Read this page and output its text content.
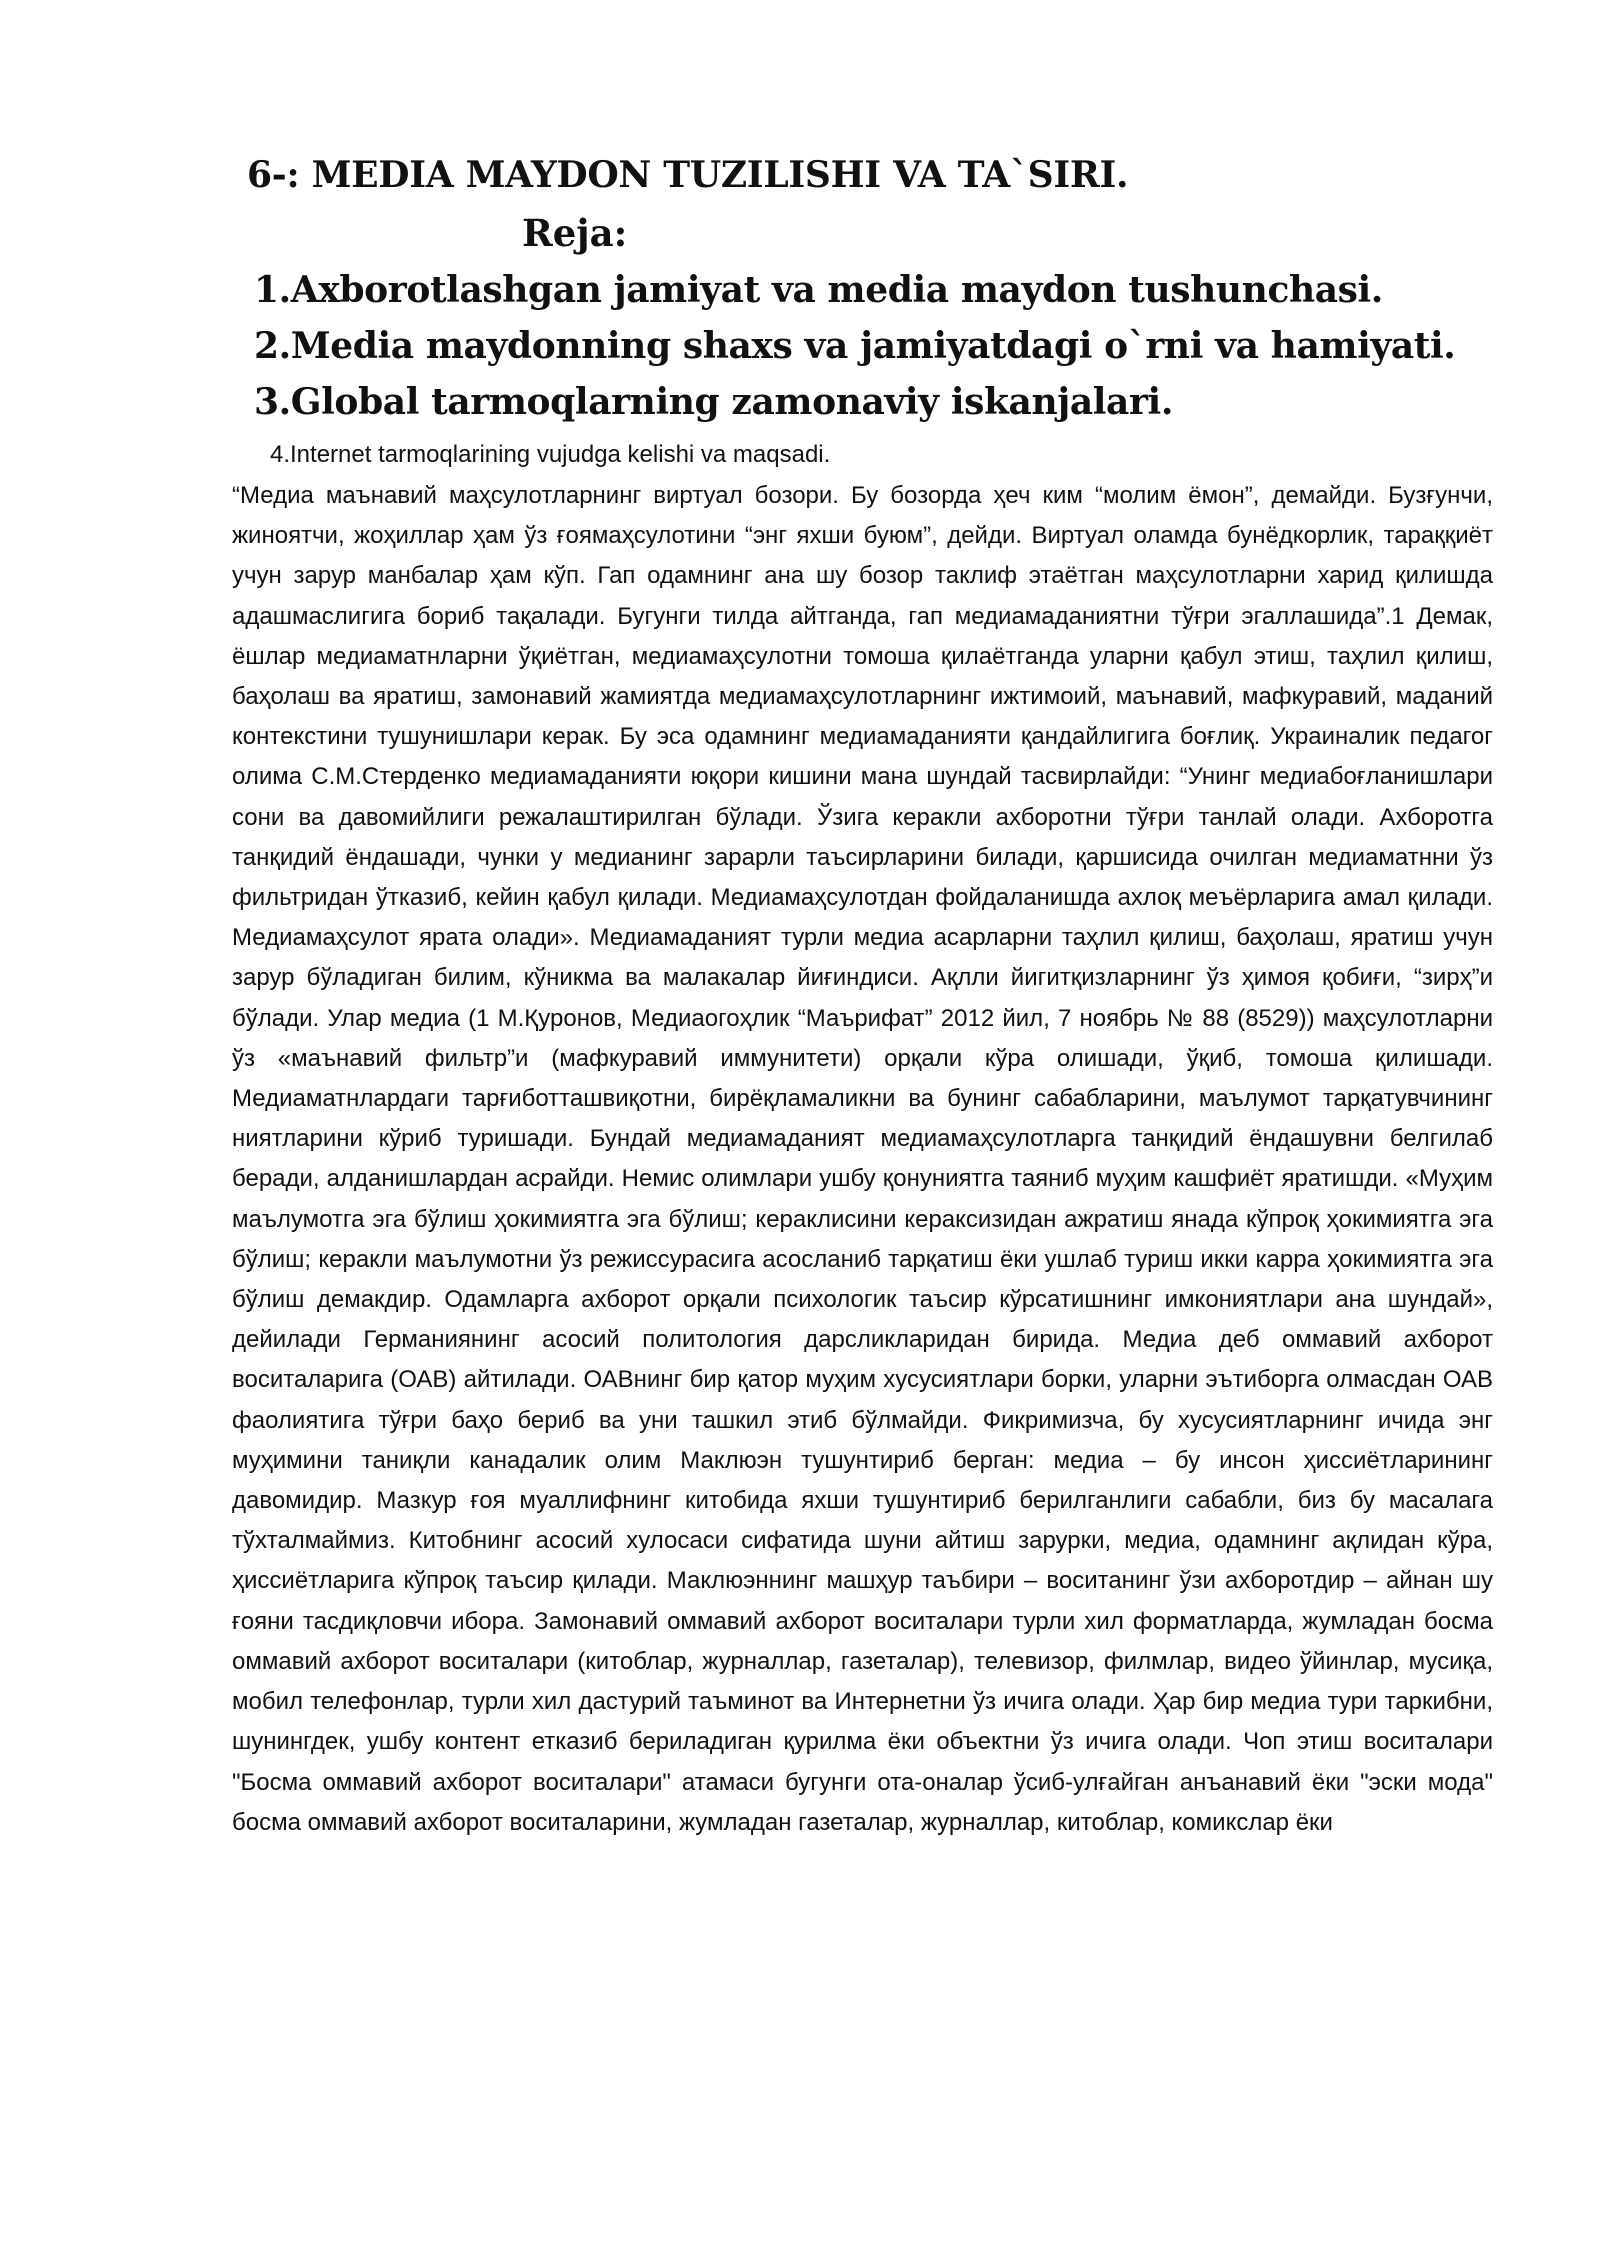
6-: MEDIA MAYDON TUZILISHI VA TA`SIRI.
Reja:
1.Axborotlashgan jamiyat va media maydon tushunchasi.
2.Media maydonning shaxs va jamiyatdagi o`rni va hamiyati.
3.Global tarmoqlarning zamonaviy iskanjalari.
4.Internet tarmoqlarining vujudga kelishi va maqsadi.

“Медиа маънавий маҳсулотларнинг виртуал бозори. Бу бозорда ҳеч ким “молим ёмон”, демайди. Бузғунчи, жиноятчи, жоҳиллар ҳам ўз ғоямаҳсулотини “энг яхши буюм”, дейди. Виртуал оламда бунёдкорлик, тараққиёт учун зарур манбалар ҳам кўп. Гап одамнинг ана шу бозор таклиф этаётган маҳсулотларни харид қилишда адашмаслигига бориб тақалади. Бугунги тилда айтганда, гап медиамаданиятни тўғри эгаллашида”.1 Демак, ёшлар медиаматнларни ўқиётган, медиамаҳсулотни томоша қилаётганда уларни қабул этиш, таҳлил қилиш, баҳолаш ва яратиш, замонавий жамиятда медиамаҳсулотларнинг ижтимоий, маънавий, мафкуравий, маданий контекстини тушунишлари керак. Бу эса одамнинг медиамаданияти қандайлигига боғлиқ. Украиналик педагог олима С.М.Стерденко медиамаданияти юқори кишини мана шундай тасвирлайди: “Унинг медиабоғланишлари сони ва давомийлиги режалаштирилган бўлади. Ўзига керакли ахборотни тўғри танлай олади. Ахборотга танқидий ёндашади, чунки у медианинг зарарли таъсирларини билади, қаршисида очилган медиаматнни ўз фильтридан ўтказиб, кейин қабул қилади. Медиамаҳсулотдан фойдаланишда ахлоқ меъёрларига амал қилади. Медиамаҳсулот ярата олади». Медиамаданият турли медиа асарларни таҳлил қилиш, баҳолаш, яратиш учун зарур бўладиган билим, кўникма ва малакалар йиғиндиси. Ақлли йигитқизларнинг ўз ҳимоя қобиғи, “зирҳ”и бўлади. Улар медиа (1 М.Қуронов, Медиаогоҳлик “Маърифат” 2012 йил, 7 ноябрь № 88 (8529)) маҳсулотларни ўз «маънавий фильтр”и (мафкуравий иммунитети) орқали кўра олишади, ўқиб, томоша қилишади. Медиаматнлардаги тарғиботташвиқотни, бирёқламаликни ва бунинг сабабларини, маълумот тарқатувчининг ниятларини кўриб туришади. Бундай медиамаданият медиамаҳсулотларга танқидий ёндашувни белгилаб беради, алданишлардан асрайди. Немис олимлари ушбу қонуниятга таяниб муҳим кашфиёт яратишди. «Муҳим маълумотга эга бўлиш ҳокимиятга эга бўлиш; кераклисини кераксизидан ажратиш янада кўпроқ ҳокимиятга эга бўлиш; керакли маълумотни ўз режиссурасига асосланиб тарқатиш ёки ушлаб туриш икки карра ҳокимиятга эга бўлиш демакдир. Одамларга ахборот орқали психологик таъсир кўрсатишнинг имкониятлари ана шундай», дейилади Германиянинг асосий политология дарсликларидан бирида. Медиа деб оммавий ахборот воситаларига (ОАВ) айтилади. ОАВнинг бир қатор муҳим хусусиятлари борки, уларни эътиборга олмасдан ОАВ фаолиятига тўғри баҳо бериб ва уни ташкил этиб бўлмайди. Фикримизча, бу хусусиятларнинг ичида энг муҳимини таниқли канадалик олим Маклюэн тушунтириб берган: медиа – бу инсон ҳиссиётларининг давомидир. Мазкур ғоя муаллифнинг китобида яхши тушунтириб берилганлиги сабабли, биз бу масалага тўхталмаймиз. Китобнинг асосий хулосаси сифатида шуни айтиш зарурки, медиа, одамнинг ақлидан кўра, ҳиссиётларига кўпроқ таъсир қилади. Маклюэннинг машҳур таъбири – воситанинг ўзи ахборотдир – айнан шу ғояни тасдиқловчи ибора. Замонавий оммавий ахборот воситалари турли хил форматларда, жумладан босма оммавий ахборот воситалари (китоблар, журналлар, газеталар), телевизор, филмлар, видео ўйинлар, мусиқа, мобил телефонлар, турли хил дастурий таъминот ва Интернетни ўз ичига олади. Ҳар бир медиа тури таркибни, шунингдек, ушбу контент етказиб бериладиган қурилма ёки объектни ўз ичига олади. Чоп этиш воситалари "Босма оммавий ахборот воситалари" атамаси бугунги ота-оналар ўсиб-улғайган анъанавий ёки "эски мода" босма оммавий ахборот воситаларини, жумладан газеталар, журналлар, китоблар, комикслар ёки
